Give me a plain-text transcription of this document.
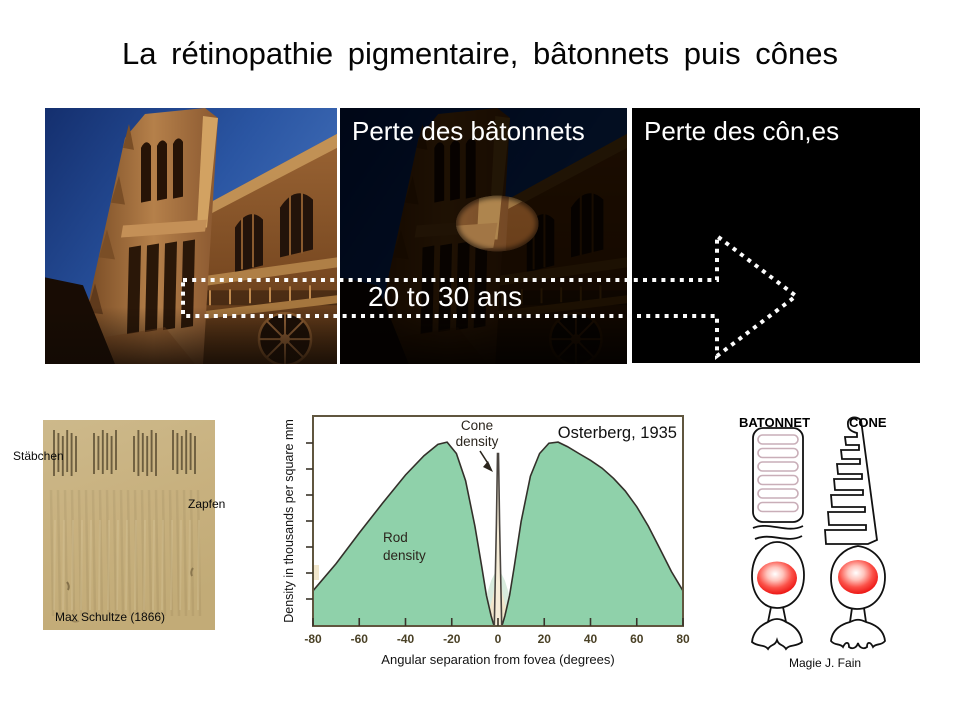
La rétinopathie pigmentaire, bâtonnets puis cônes
Perte des bâtonnets
20 to 30 ans
Perte des côn,es
Stäbchen
Zapfen
Max Schultze (1866)
-80 -60 -40 -20	0	20	40	60	80
Osterberg, 1935
Cone
density
Rod
density
Angular separation from fovea (degrees)
Density in thousands per square mm	BATONNET	CONE
Magie J. Fain
